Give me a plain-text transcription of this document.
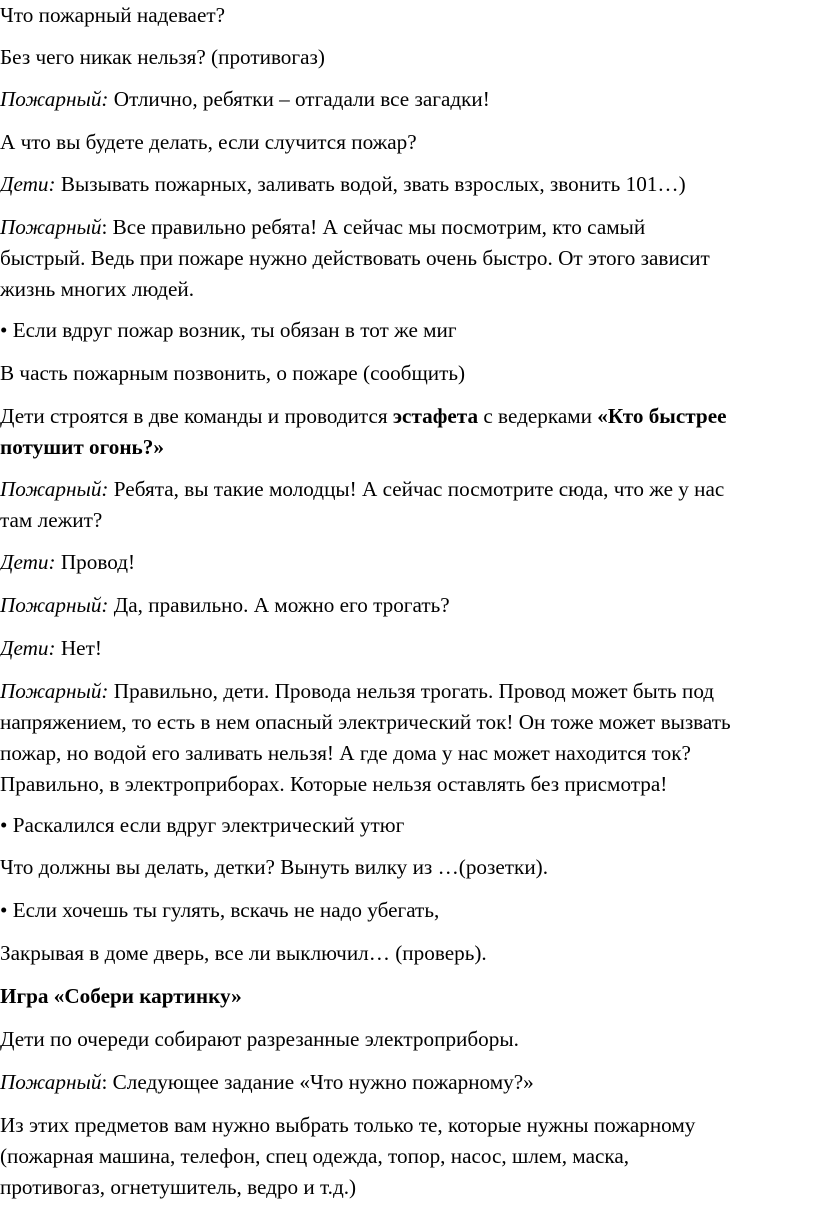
Что пожарный надевает?

Без чего никак нельзя? (противогаз)

Пожарный: Отлично, ребятки – отгадали все загадки!

А что вы будете делать, если случится пожар?

Дети: Вызывать пожарных, заливать водой, звать взрослых, звонить 101…)

Пожарный: Все правильно ребята! А сейчас мы посмотрим, кто самый
быстрый. Ведь при пожаре нужно действовать очень быстро. От этого зависит
жизнь многих людей.

• Если вдруг пожар возник, ты обязан в тот же миг

В часть пожарным позвонить, о пожаре (сообщить)

Дети строятся в две команды и проводится эстафета с ведерками «Кто быстрее
потушит огонь?»

Пожарный: Ребята, вы такие молодцы! А сейчас посмотрите сюда, что же у нас
там лежит?

Дети: Провод!

Пожарный: Да, правильно. А можно его трогать?

Дети: Нет!

Пожарный: Правильно, дети. Провода нельзя трогать. Провод может быть под
напряжением, то есть в нем опасный электрический ток! Он тоже может вызвать
пожар, но водой его заливать нельзя! А где дома у нас может находится ток?
Правильно, в электроприборах. Которые нельзя оставлять без присмотра!

• Раскалился если вдруг электрический утюг

Что должны вы делать, детки? Вынуть вилку из …(розетки).

• Если хочешь ты гулять, вскачь не надо убегать,

Закрывая в доме дверь, все ли выключил… (проверь).

Игра «Собери картинку»

Дети по очереди собирают разрезанные электроприборы.

Пожарный: Следующее задание «Что нужно пожарному?»

Из этих предметов вам нужно выбрать только те, которые нужны пожарному
(пожарная машина, телефон, спец одежда, топор, насос, шлем, маска,
противогаз, огнетушитель, ведро и т.д.)
